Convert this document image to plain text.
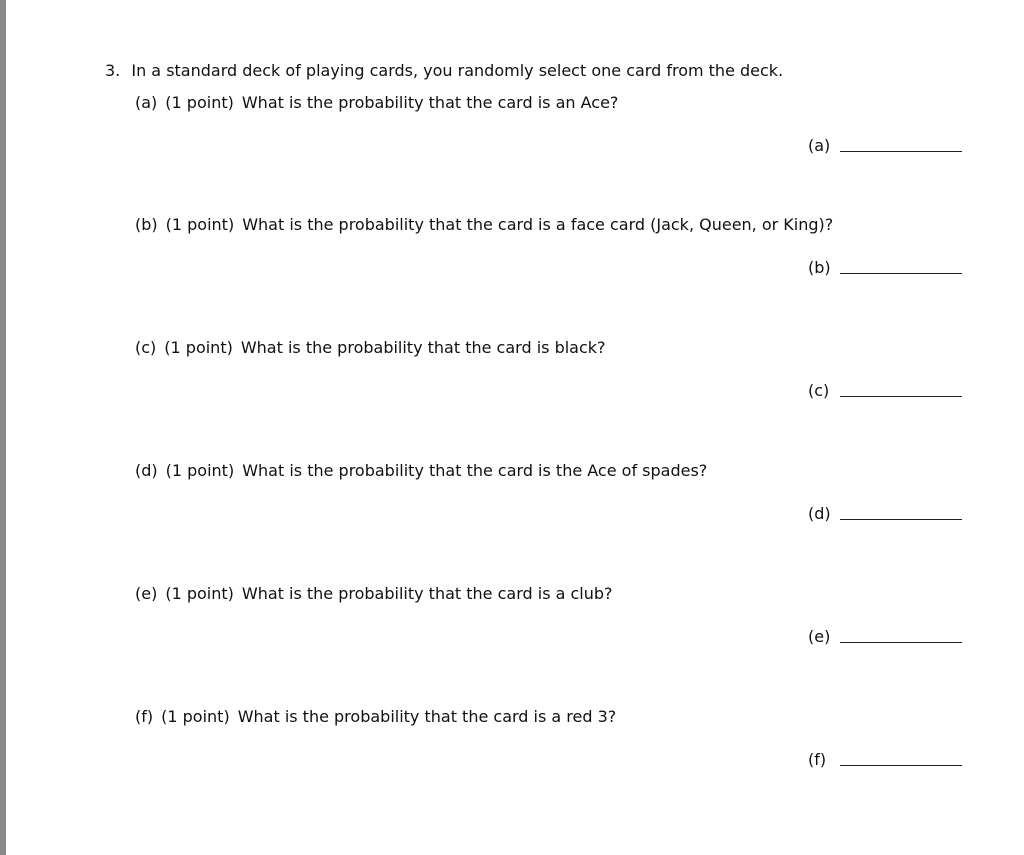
3. In a standard deck of playing cards, you randomly select one card from the deck.
(a) (1 point) What is the probability that the card is an Ace?
(a)
(b) (1 point) What is the probability that the card is a face card (Jack, Queen, or King)?
(b)
(c) (1 point) What is the probability that the card is black?
(c)
(d) (1 point) What is the probability that the card is the Ace of spades?
(d)
(e) (1 point) What is the probability that the card is a club?
(e)
(f) (1 point) What is the probability that the card is a red 3?
(f)
